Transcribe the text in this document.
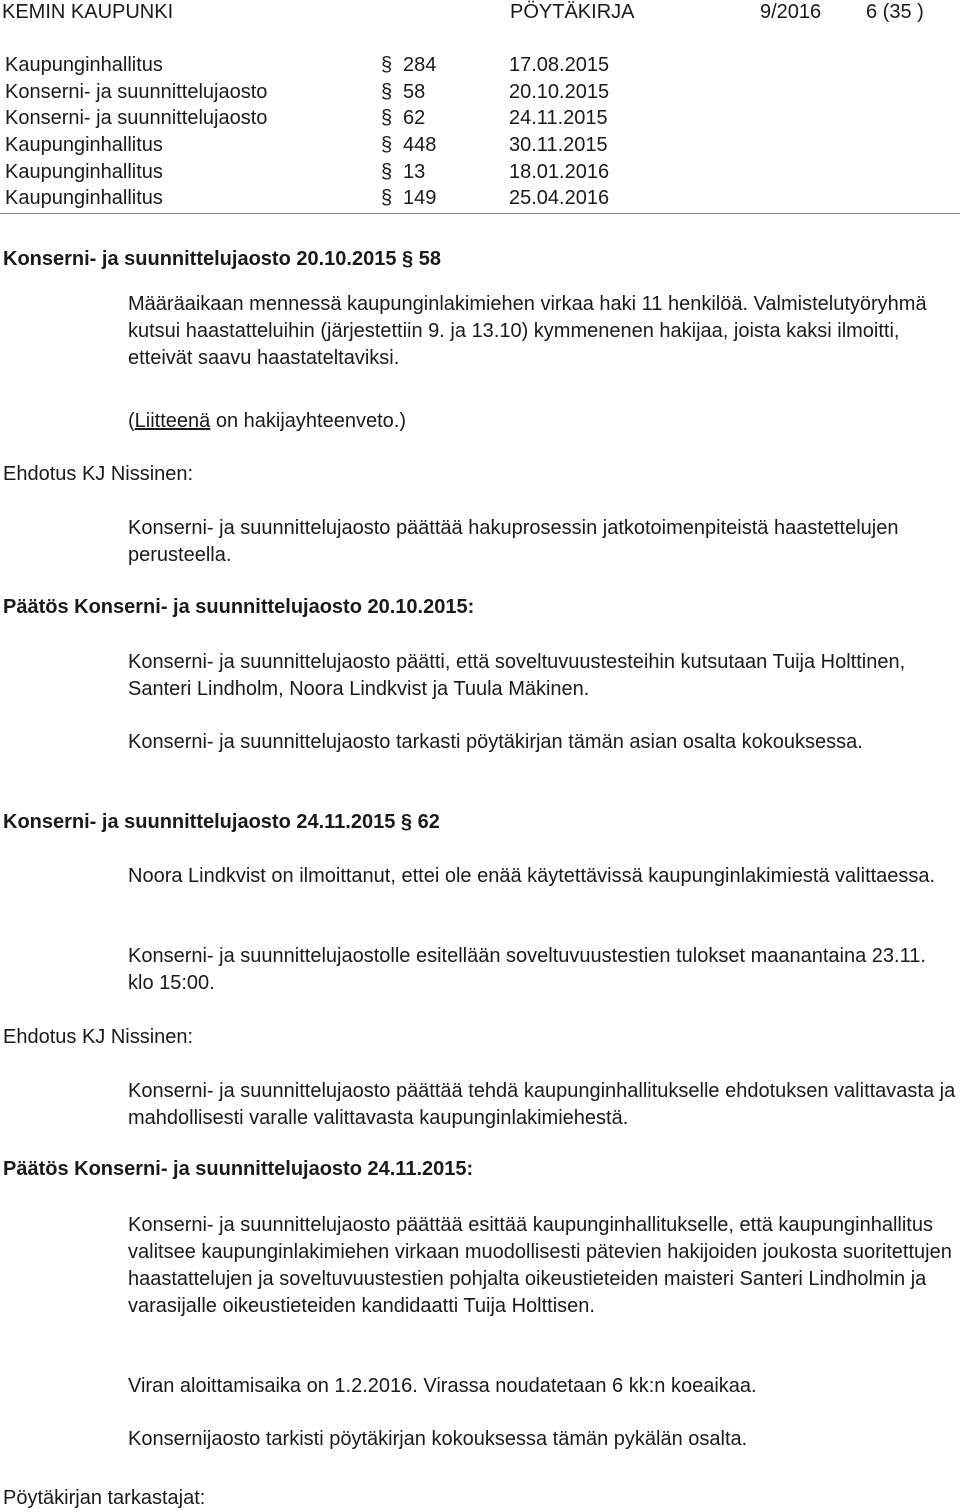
KEMIN KAUPUNKI	PÖYTÄKIRJA	9/2016 6 (35 )
Kaupunginhallitus	§ 284	17.08.2015
Konserni- ja suunnittelujaosto	§ 58	20.10.2015
Konserni- ja suunnittelujaosto	§ 62	24.11.2015
Kaupunginhallitus	§ 448	30.11.2015
Kaupunginhallitus	§ 13	18.01.2016
Kaupunginhallitus	§ 149	25.04.2016
Konserni- ja suunnittelujaosto 20.10.2015 § 58

Määräaikaan mennessä kaupunginlakimiehen virkaa haki 11 henkilöä. Valmistelutyöryhmä kutsui haastatteluihin (järjestettiin 9. ja 13.10) kymmenenen hakijaa, joista kaksi ilmoitti, etteivät saavu haastateltaviksi.

(Liitteenä on hakijayhteenveto.)
Ehdotus KJ Nissinen:

Konserni- ja suunnittelujaosto päättää hakuprosessin jatkotoimenpiteistä haastettelujen perusteella.

Päätös Konserni- ja suunnittelujaosto 20.10.2015:

Konserni- ja suunnittelujaosto päätti, että soveltuvuustesteihin kutsutaan Tuija Holttinen, Santeri Lindholm, Noora Lindkvist ja Tuula Mäkinen.

Konserni- ja suunnittelujaosto tarkasti pöytäkirjan tämän asian osalta kokouksessa.

Konserni- ja suunnittelujaosto 24.11.2015 § 62

Noora Lindkvist on ilmoittanut, ettei ole enää käytettävissä kaupunginlakimiestä valittaessa.

Konserni- ja suunnittelujaostolle esitellään soveltuvuustestien tulokset maanantaina 23.11. klo 15:00.

Ehdotus KJ Nissinen:

Konserni- ja suunnittelujaosto päättää tehdä kaupunginhallitukselle ehdotuksen valittavasta ja mahdollisesti varalle valittavasta kaupunginlakimiehestä.

Päätös Konserni- ja suunnittelujaosto 24.11.2015:

Konserni- ja suunnittelujaosto päättää esittää kaupunginhallitukselle, että kaupunginhallitus valitsee kaupunginlakimiehen virkaan muodollisesti pätevien hakijoiden joukosta suoritettujen haastattelujen ja soveltuvuustestien pohjalta oikeustieteiden maisteri Santeri Lindholmin ja varasijalle oikeustieteiden kandidaatti Tuija Holttisen.

Viran aloittamisaika on 1.2.2016. Virassa noudatetaan 6 kk:n koeaikaa.
Konsernijaosto tarkisti pöytäkirjan kokouksessa tämän pykälän osalta.
Pöytäkirjan tarkastajat:
